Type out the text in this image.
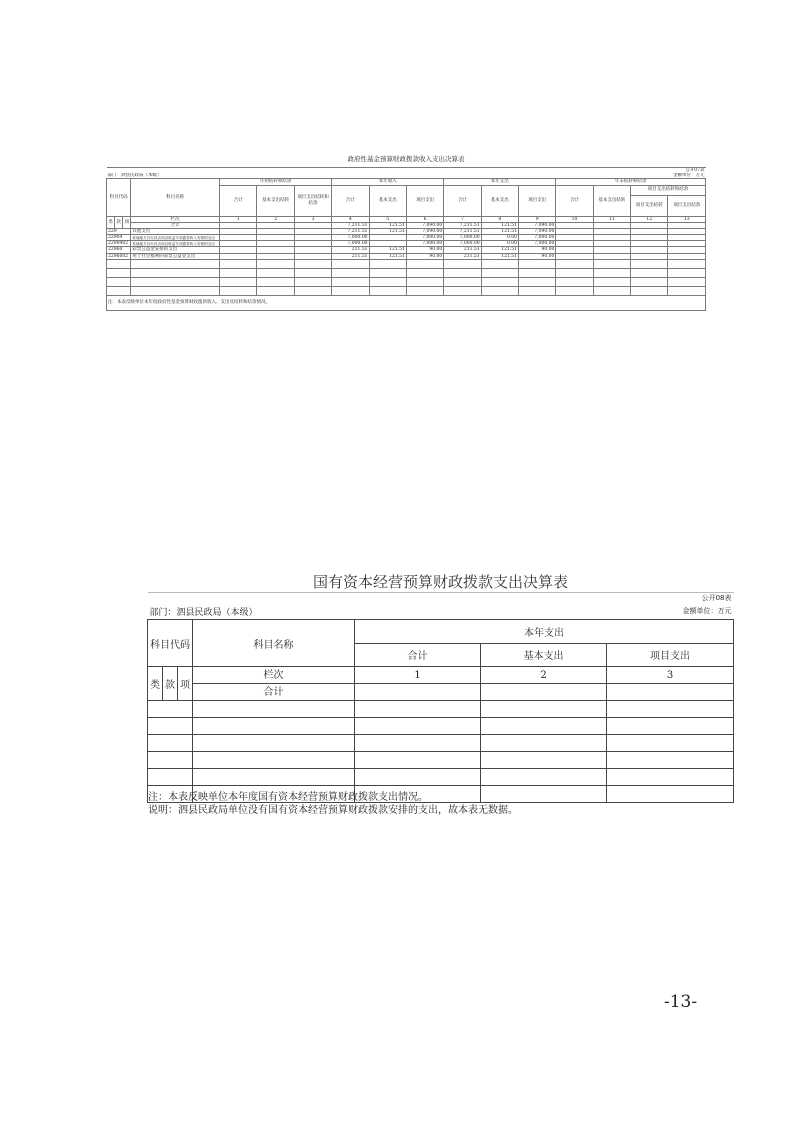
政府性基金预算财政拨款收入支出决算表																
																公开07表
部门：泗县民政局（本级）															金额单位：万元	
科目代码			科目名称	年初结转和结余			本年收入			本年支出			年末结转和结余			
				合计	基本支出结转	项目支出结转和结余	合计	基本支出	项目支出	合计	基本支出	项目支出	合计	基本支出结转	项目支出结转和结余	
															项目支出结转	项目支出结余
类	款	项	栏次	1	2	3	4	5	6	7	8	9	10	11	12	13
			合计				7,211.51	121.51	7,090.00	7,211.51	121.51	7,090.00				
229			其他支出				7,211.51	121.51	7,090.00	7,211.51	121.51	7,090.00				
22904			其他地方自行试点项目收益专项债券收入安排的支出				7,000.00		7,000.00	7,000.00	0.00	7,000.00				
2290402			其他地方自行试点项目收益专项债券收入安排的支出				7,000.00		7,000.00	7,000.00	0.00	7,000.00				
22960			彩票公益金安排的支出				211.51	121.51	90.00	211.51	121.51	90.00				
2296002			用于社会福利的彩票公益金支出				211.51	121.51	90.00	211.51	121.51	90.00				

注：本表反映单位本年度政府性基金预算财政拨款收入、支出及结转和结余情况。																
国有资本经营预算财政拨款支出决算表						
						公开08表
部门：泗县民政局（本级）						金额单位：万元
科目代码			科目名称	本年支出		
				合计	基本支出	项目支出
类	款	项	栏次	1	2	3
			合计			

注：本表反映单位本年度国有资本经营预算财政拨款支出情况。
说明：泗县民政局单位没有国有资本经营预算财政拨款安排的支出，故本表无数据。
-13-
